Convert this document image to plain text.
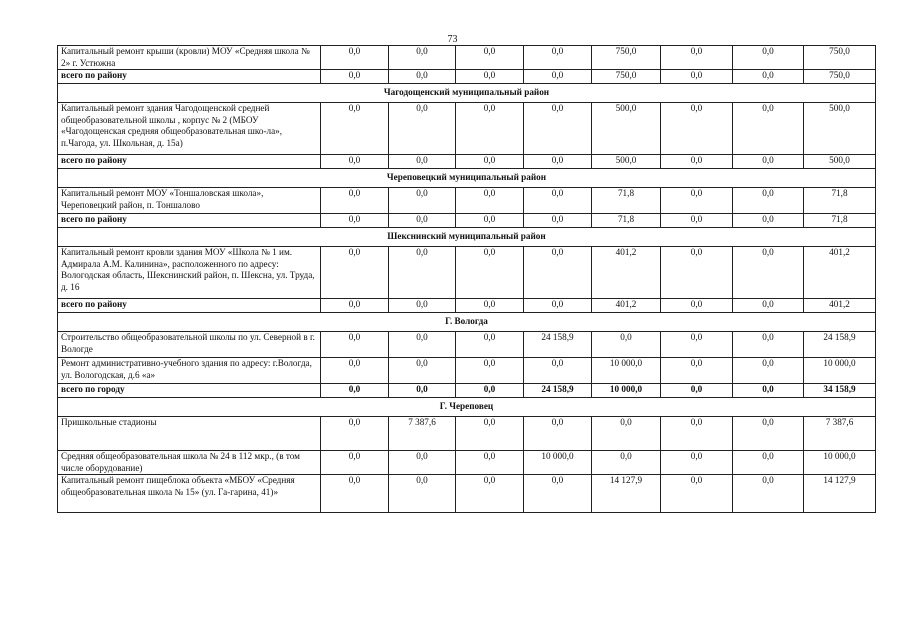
73
Капитальный ремонт крыши (кровли) МОУ «Средняя школа № 2» г. Устюжна	0,0	0,0	0,0	0,0	750,0	0,0	0,0	750,0
всего по району	0,0	0,0	0,0	0,0	750,0	0,0	0,0	750,0
Чагодощенский муниципальный район								
Капитальный ремонт здания Чагодощенской средней общеобразовательной школы , корпус № 2 (МБОУ «Чагодощенская средняя общеобразовательная шко-ла», п.Чагода, ул. Школьная, д. 15а)	0,0	0,0	0,0	0,0	500,0	0,0	0,0	500,0
всего по району	0,0	0,0	0,0	0,0	500,0	0,0	0,0	500,0
Череповецкий муниципальный район								
Капитальный ремонт МОУ «Тоншаловская школа», Череповецкий район, п. Тоншалово	0,0	0,0	0,0	0,0	71,8	0,0	0,0	71,8
всего по району	0,0	0,0	0,0	0,0	71,8	0,0	0,0	71,8
Шекснинский муниципальный район								
Капитальный ремонт кровли здания МОУ «Школа № 1 им. Адмирала А.М. Калинина», расположенного по адресу: Вологодская область, Шекснинский район, п. Шексна, ул. Труда, д. 16	0,0	0,0	0,0	0,0	401,2	0,0	0,0	401,2
всего по району	0,0	0,0	0,0	0,0	401,2	0,0	0,0	401,2
Г. Вологда								
Строительство общеобразовательной школы по ул. Северной в г. Вологде	0,0	0,0	0,0	24 158,9	0,0	0,0	0,0	24 158,9
Ремонт административно-учебного здания по адресу: г.Вологда, ул. Вологодская, д.6 «а»	0,0	0,0	0,0	0,0	10 000,0	0,0	0,0	10 000,0
всего по городу	0,0	0,0	0,0	24 158,9	10 000,0	0,0	0,0	34 158,9
Г. Череповец								
Пришкольные стадионы	0,0	7 387,6	0,0	0,0	0,0	0,0	0,0	7 387,6
Средняя общеобразовательная школа № 24 в 112 мкр., (в том числе оборудование)	0,0	0,0	0,0	10 000,0	0,0	0,0	0,0	10 000,0
Капитальный ремонт пищеблока объекта «МБОУ «Средняя общеобразовательная школа № 15» (ул. Га-гарина, 41)»	0,0	0,0	0,0	0,0	14 127,9	0,0	0,0	14 127,9
